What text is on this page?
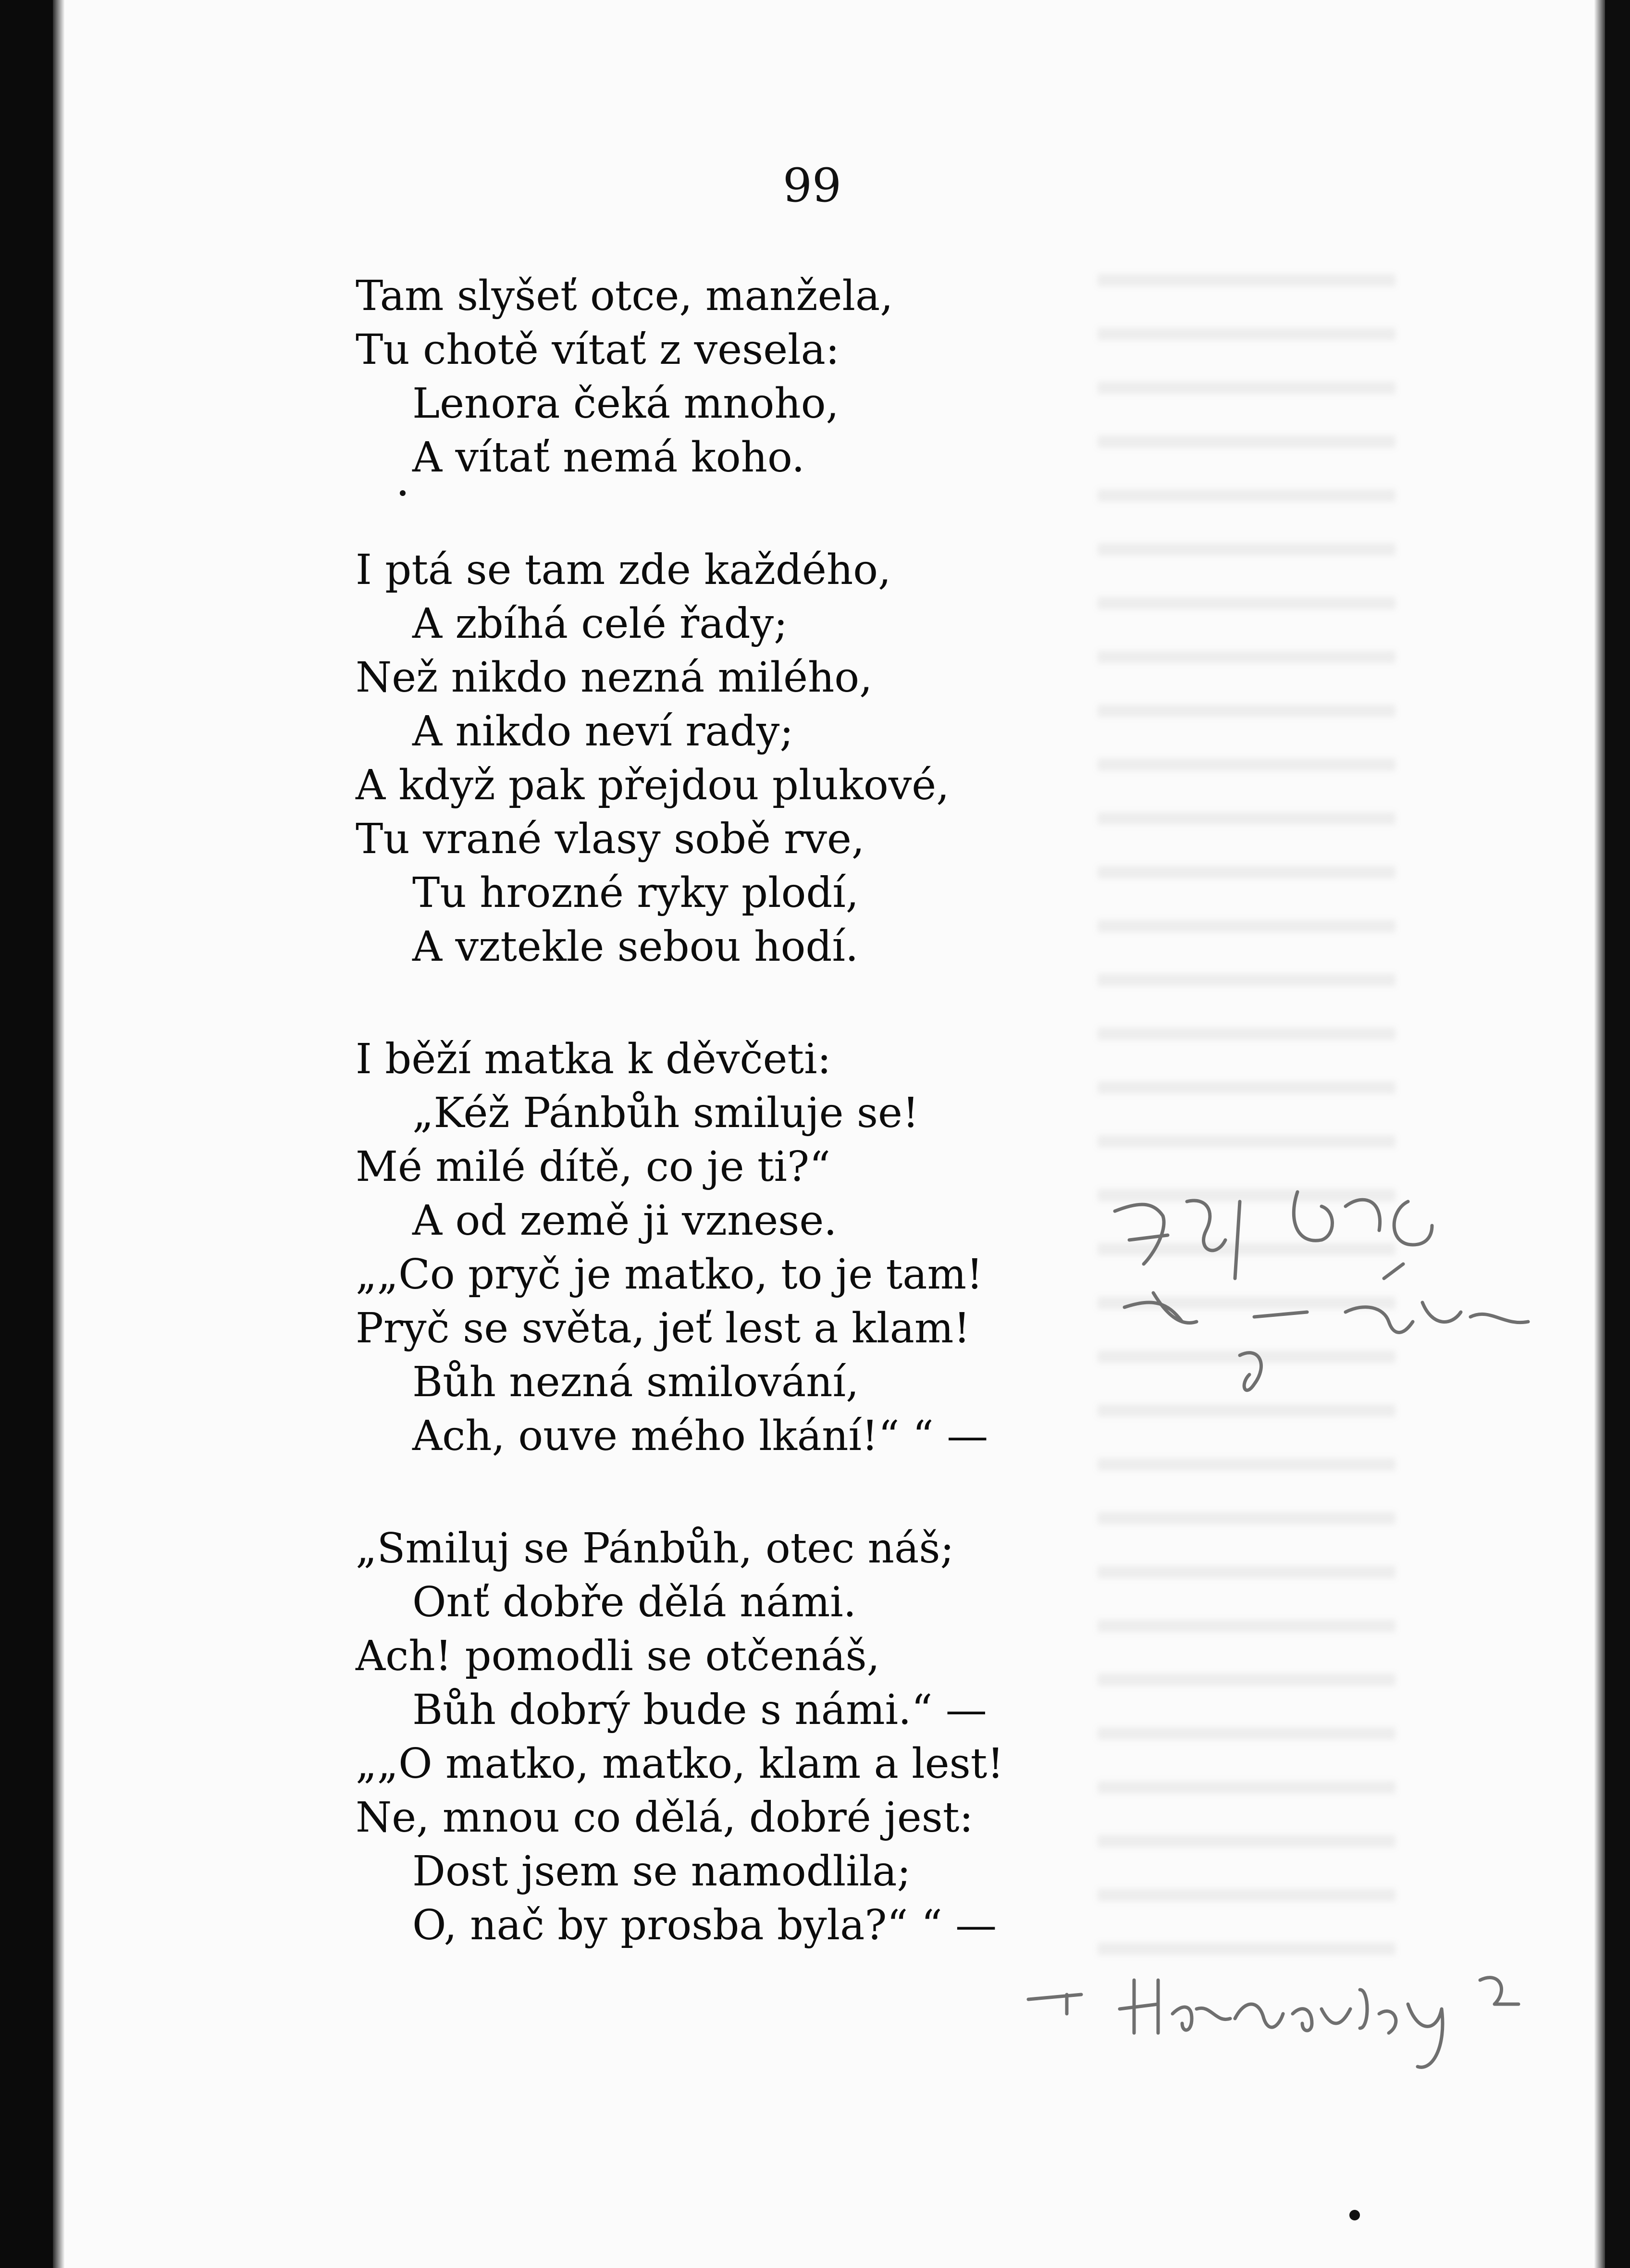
99
Tam slyšeť otce, manžela,
Tu chotě vítať z vesela:
Lenora čeká mnoho,
A vítať nemá koho.
I ptá se tam zde každého,
A zbíhá celé řady;
Než nikdo nezná milého,
A nikdo neví rady;
A když pak přejdou plukové,
Tu vrané vlasy sobě rve,
Tu hrozné ryky plodí,
A vztekle sebou hodí.
I běží matka k děvčeti:
„Kéž Pánbůh smiluje se!
Mé milé dítě, co je ti?“
A od země ji vznese.
„„Co pryč je matko, to je tam!
Pryč se světa, jeť lest a klam!
Bůh nezná smilování,
Ach, ouve mého lkání!“ “ —
„Smiluj se Pánbůh, otec náš;
Onť dobře dělá námi.
Ach! pomodli se otčenáš,
Bůh dobrý bude s námi.“ —
„„O matko, matko, klam a lest!
Ne, mnou co dělá, dobré jest:
Dost jsem se namodlila;
O, nač by prosba byla?“ “ —
